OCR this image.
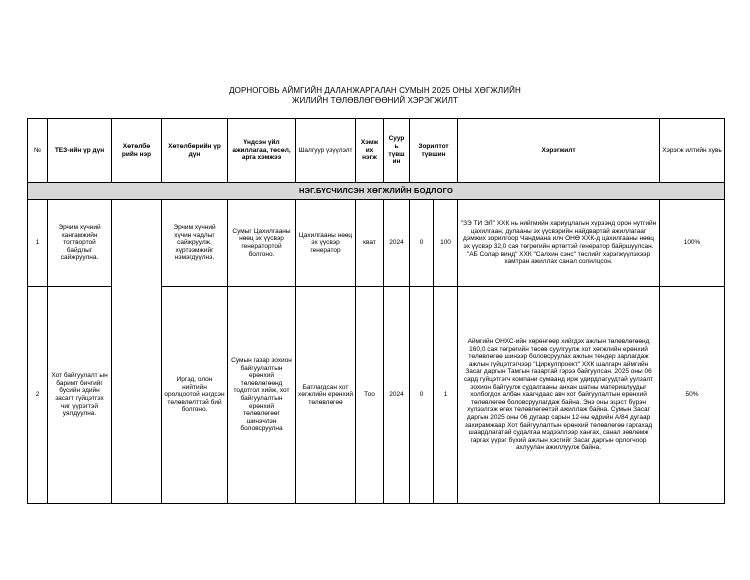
ДОРНОГОВЬ АЙМГИЙН ДАЛАНЖАРГАЛАН СУМЫН 2025 ОНЫ ХӨГЖЛИЙН
ЖИЛИЙН ТӨЛӨВЛӨГӨӨНИЙ ХЭРЭГЖИЛТ
№	ТЕЗ-ийн үр дүн	Хөтөлбө рийн нэр	Хөтөлбөрийн үр дүн	Үндсэн үйл ажиллагаа, төсөл, арга хэмжээ	Шалгуур үзүүлэлт	Хэмж их нэгж	Суур ь түвш ин	Зорилтот түвшин		Хэрэгжилт	Хэрэгж илтийн хувь
НЭГ.БҮСЧИЛСЭН ХӨГЖЛИЙН БОДЛОГО											
1	Эрчим хүчний хангамжийн тогтвортой байдлыг сайжруулна.		Эрчим хүчний хүчин чадлыг сайжруулж, хүртээмжийг нэмэгдүүлнэ.	Сумыг Цахилгааны нөөц эх үүсвэр генератортой болгоно.	Цахилгааны нөөц эх үүсвэр генератор	кват	2024	0	100	"ЗЭ ТИ ЭЛ" ХХК нь нийгмийн хариуцлагын хүрээнд орон нутгийн цахилгаан, дулааны эх үүсвэрийн найдвартай ажиллагааг дэмжих зорилгоор Чандмана илч ОНӨ ХХК-д цахилгааны нөөц эх үүсвэр 32,0 сая төгрөгийн өртөгтэй генератор байршуулсан. "АБ Солар винд" ХХК "Салхин сэнс" төслийг хэрэгжүүлэхээр хамтран ажиллах санал солилцсон.	100%
2	Хот байгуулалт ын баримт бичгийг бусийн эдийн засагт гүйцэтгэх чиг үүрэгтэй уялдуулна.		Иргэд, олон нийтийн оролцоотой нэгдсэн төлөвлөлттэй бий болгоно.	Сумын газар зохион байгуулалтын ерөнхий төлөвлөгөөнд тодотгол хийж, хот байгуулалтын ерөнхий төлөвлөгөөг шинэчлэн боловсруулна	Батлагдсан хот хөгжлийн ерөнхий төлөвлөгөө	Тоо	2024	0	1	Аймгийн ОНХС-ийн хөрөнгөөр хийгдэх ажлын төлөвлөгөөнд 160,0 сая төгрөгийн төсөв суулгуулж хот хөгжлийн ерөнхий төлөвлөгөө шинээр боловсруулах ажлын тендер зарлагдаж ажлын гүйцэтгэгчээр "Циркулпроект" ХХК шалгарч аймгийн Засаг даргын Тамгын газартай гэрээ байгуулсан. 2025 оны 06 сард гүйцэтгэгч компани сумаанд ирж удирдлагуудтай уулзалт зохион байгуулж судалгааны анхан шатны материалуудыг холбогдох албан хаагчдаас авч хот байгуулалтын ерөнхий төлөвлөгөө боловсруулагдаж байна. Энэ оны эцэст бүрэн хүлээлгэж өгөх төлөвлөгөөтэй ажиллаж байна. Сумын Засаг даргын 2025 оны 06 дугаар сарын 12-ны өдрийн А/84 дугаар захирамжаар Хот байгуулалтын ерөнхий төлөвлөгөө гаргахад шаардлагатай судалгаа мэдээллээр хангах, санал зөвлөмж гаргах үүрэг бүхий ажлын хэсгийг Засаг даргын орлогчоор ахлуулан ажиллуулж байна.	50%
